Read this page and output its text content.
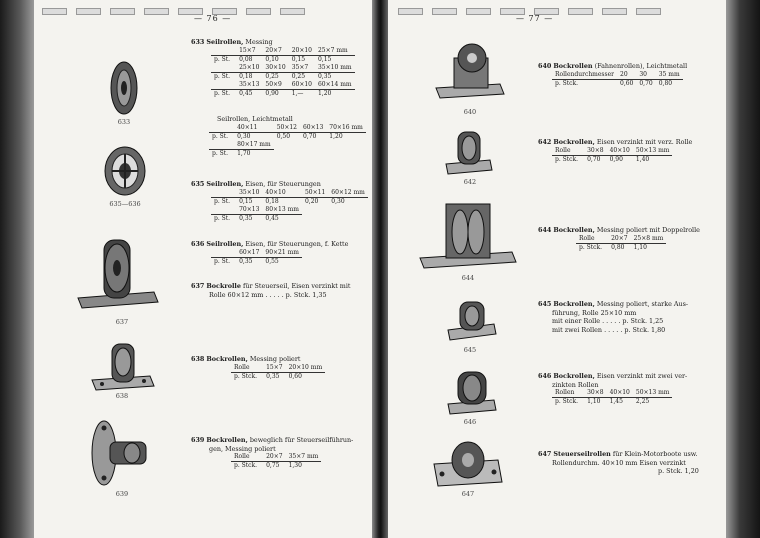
— 76 —
633
635—636
637
638
639
633 Seilrollen, Messing
	15×7	20×7	20×10	25×7 mm
p. St.	0,08	0,10	0,15	0,15
	25×10	30×10	35×7	35×10 mm
p. St.	0,18	0,25	0,25	0,35
	35×13	50×9	60×10	60×14 mm
p. St.	0,45	0,90	1,—	1,20
Seilrollen, Leichtmetall
	40×11	50×12	60×13	70×16 mm
p. St.	0,30	0,50	0,70	1,20
	80×17 mm			
p. St.	1,70			
635 Seilrollen, Eisen, für Steuerungen
	35×10	40×10	50×11	60×12 mm
p. St.	0,15	0,18	0,20	0,30
	70×13	80×13 mm		
p. St.	0,35	0,45		
636 Seilrollen, Eisen, für Steuerungen, f. Kette
	60×17	90×21 mm
p. St.	0,35	0,55
637 Bockrolle für Steuerseil, Eisen verzinkt mit
Rolle 60×12 mm . . . . . p. Stck. 1,35
638 Bockrollen, Messing poliert
Rolle	15×7	20×10 mm
p. Stck.	0,35	0,60
639 Bockrollen, beweglich für Steuerseilführun-
gen, Messing poliert
Rolle	20×7	35×7 mm
p. Stck.	0,75	1,30
— 77 —
640
642
644
645
646
647
640 Bockrollen (Fahnenrollen), Leichtmetall
Rollendurchmesser	20	30	35 mm
p. Stck.	0,60	0,70	0,80
642 Bockrollen, Eisen verzinkt mit verz. Rolle
Rolle	30×8	40×10	50×13 mm
p. Stck.	0,70	0,90	1,40
644 Bockrollen, Messing poliert mit Doppelrolle
Rolle	20×7	25×8 mm
p. Stck.	0,80	1,10
645 Bockrollen, Messing poliert, starke Aus-
führung, Rolle 25×10 mm
mit einer Rolle . . . . . p. Stck. 1,25
mit zwei Rollen . . . . . p. Stck. 1,80
646 Bockrollen, Eisen verzinkt mit zwei ver-
zinkten Rollen
Rollen	30×8	40×10	50×13 mm
p. Stck.	1,10	1,45	2,25
647 Steuerseilrollen für Klein-Motorboote usw.
Rollendurchm. 40×10 mm Eisen verzinkt
p. Stck. 1,20
